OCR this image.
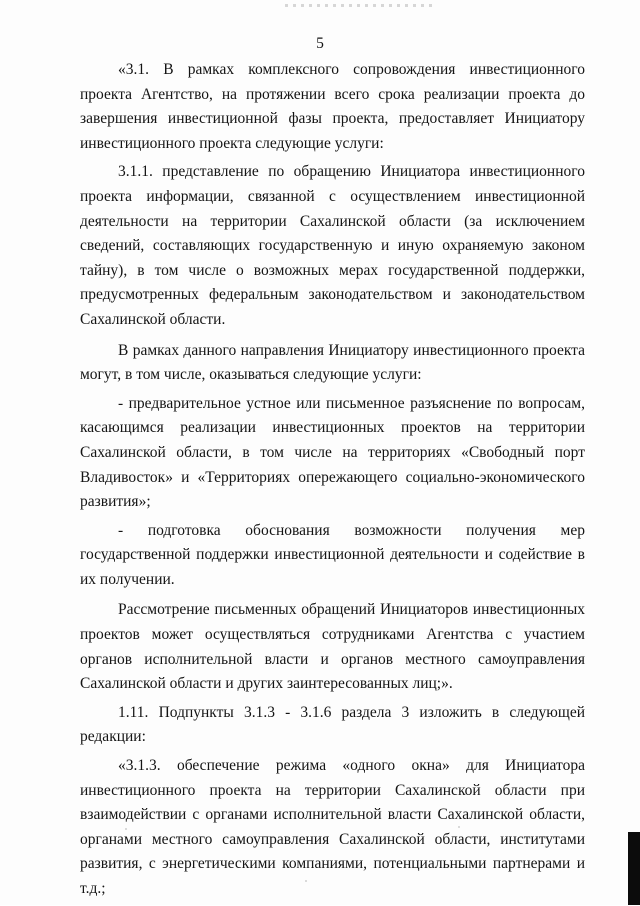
5

«3.1. В рамках комплексного сопровождения инвестиционного проекта Агентство, на протяжении всего срока реализации проекта до завершения инвестиционной фазы проекта, предоставляет Инициатору инвестиционного проекта следующие услуги:

3.1.1. представление по обращению Инициатора инвестиционного проекта информации, связанной с осуществлением инвестиционной деятельности на территории Сахалинской области (за исключением сведений, составляющих государственную и иную охраняемую законом тайну), в том числе о возможных мерах государственной поддержки, предусмотренных федеральным законодательством и законодательством Сахалинской области.

В рамках данного направления Инициатору инвестиционного проекта могут, в том числе, оказываться следующие услуги:

- предварительное устное или письменное разъяснение по вопросам, касающимся реализации инвестиционных проектов на территории Сахалинской области, в том числе на территориях «Свободный порт Владивосток» и «Территориях опережающего социально-экономического развития»;

- подготовка обоснования возможности получения мер государственной поддержки инвестиционной деятельности и содействие в их получении.

Рассмотрение письменных обращений Инициаторов инвестиционных проектов может осуществляться сотрудниками Агентства с участием органов исполнительной власти и органов местного самоуправления Сахалинской области и других заинтересованных лиц;».

1.11. Подпункты 3.1.3 - 3.1.6 раздела 3 изложить в следующей редакции:

«3.1.3. обеспечение режима «одного окна» для Инициатора инвестиционного проекта на территории Сахалинской области при взаимодействии с органами исполнительной власти Сахалинской области, органами местного самоуправления Сахалинской области, институтами развития, с энергетическими компаниями, потенциальными партнерами и т.д.;
